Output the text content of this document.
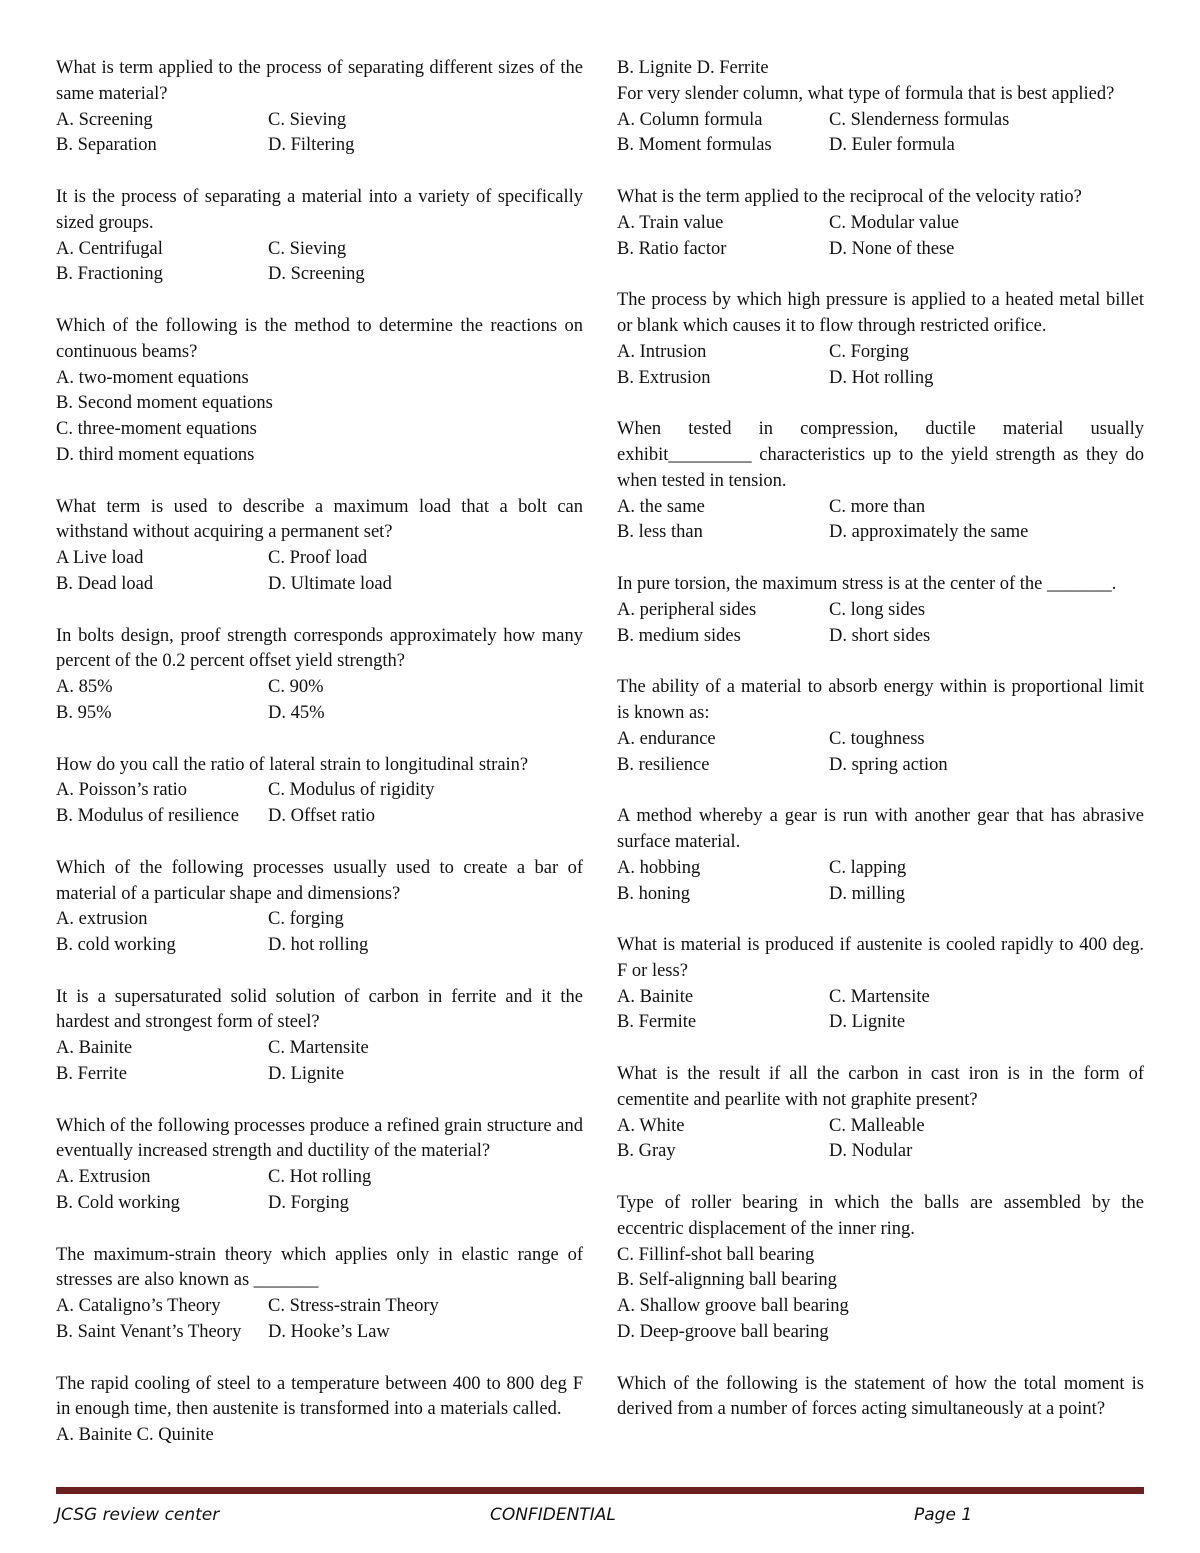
What is term applied to the process of separating different sizes of the same material?
A. Screening	C. Sieving
B. Separation	D. Filtering
It is the process of separating a material into a variety of specifically sized groups.
A. Centrifugal	C. Sieving
B. Fractioning	D. Screening
Which of the following is the method to determine the reactions on continuous beams?
A. two-moment equations
B. Second moment equations
C. three-moment equations
D. third moment equations
What term is used to describe a maximum load that a bolt can withstand without acquiring a permanent set?
A Live load	C. Proof load
B. Dead load	D. Ultimate load
In bolts design, proof strength corresponds approximately how many percent of the 0.2 percent offset yield strength?
A. 85%	C. 90%
B. 95%	D. 45%
How do you call the ratio of lateral strain to longitudinal strain?
A. Poisson’s ratio	C. Modulus of rigidity
B. Modulus of resilience	D. Offset ratio
Which of the following processes usually used to create a bar of material of a particular shape and dimensions?
A. extrusion	C. forging
B. cold working	D. hot rolling
It is a supersaturated solid solution of carbon in ferrite and it the hardest and strongest form of steel?
A. Bainite	C. Martensite
B. Ferrite	D. Lignite
Which of the following processes produce a refined grain structure and eventually increased strength and ductility of the material?
A. Extrusion	C. Hot rolling
B. Cold working	D. Forging
The maximum-strain theory which applies only in elastic range of stresses are also known as _______
A. Cataligno’s Theory	C. Stress-strain Theory
B. Saint Venant’s Theory	D. Hooke’s Law
The rapid cooling of steel to a temperature between 400 to 800 deg F in enough time, then austenite is transformed into a materials called.
A. Bainite C. Quinite
B. Lignite D. Ferrite
For very slender column, what type of formula that is best applied?
A. Column formula	C. Slenderness formulas
B. Moment formulas	D. Euler formula
What is the term applied to the reciprocal of the velocity ratio?
A. Train value	C. Modular value
B. Ratio factor	D. None of these
The process by which high pressure is applied to a heated metal billet or blank which causes it to flow through restricted orifice.
A. Intrusion	C. Forging
B. Extrusion	D. Hot rolling
When tested in compression, ductile material usually exhibit_________ characteristics up to the yield strength as they do when tested in tension.
A. the same	C. more than
B. less than	D. approximately the same
In pure torsion, the maximum stress is at the center of the _______.
A. peripheral sides	C. long sides
B. medium sides	D. short sides
The ability of a material to absorb energy within is proportional limit is known as:
A. endurance	C. toughness
B. resilience	D. spring action
A method whereby a gear is run with another gear that has abrasive surface material.
A. hobbing	C. lapping
B. honing	D. milling
What is material is produced if austenite is cooled rapidly to 400 deg. F or less?
A. Bainite	C. Martensite
B. Fermite	D. Lignite
What is the result if all the carbon in cast iron is in the form of cementite and pearlite with not graphite present?
A. White	C. Malleable
B. Gray	D. Nodular
Type of roller bearing in which the balls are assembled by the eccentric displacement of the inner ring.
C. Fillinf-shot ball bearing
B. Self-alignning ball bearing
A. Shallow groove ball bearing
D. Deep-groove ball bearing
Which of the following is the statement of how the total moment is derived from a number of forces acting simultaneously at a point?
JCSG review center	CONFIDENTIAL	Page 1
